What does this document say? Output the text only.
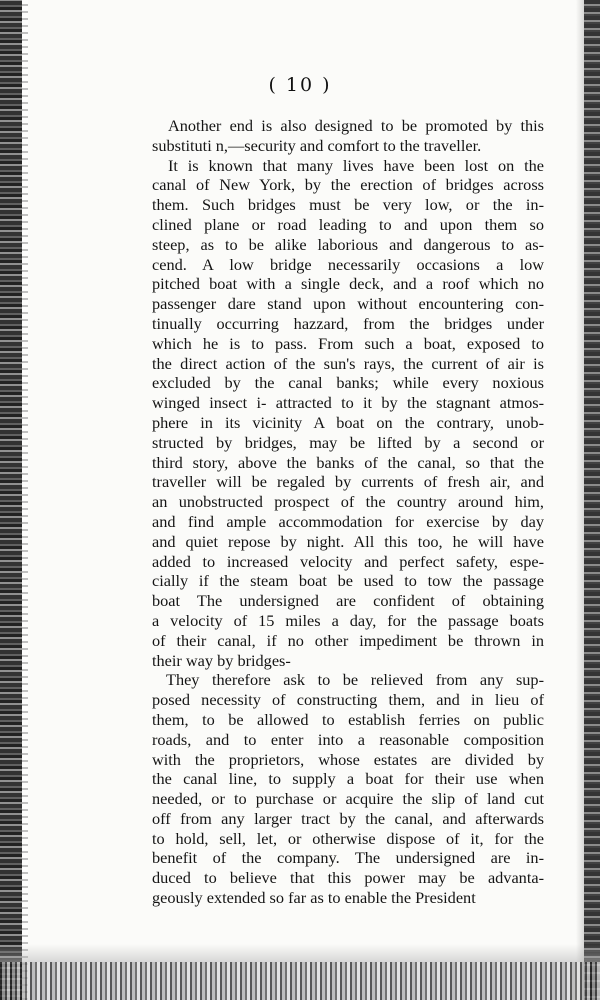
( 10 )
Another end is also designed to be promoted by this
substituti n,—security and comfort to the traveller.
It is known that many lives have been lost on the
canal of New York, by the erection of bridges across
them. Such bridges must be very low, or the in-
clined plane or road leading to and upon them so
steep, as to be alike laborious and dangerous to as-
cend. A low bridge necessarily occasions a low
pitched boat with a single deck, and a roof which no
passenger dare stand upon without encountering con-
tinually occurring hazzard, from the bridges under
which he is to pass. From such a boat, exposed to
the direct action of the sun's rays, the current of air is
excluded by the canal banks; while every noxious
winged insect i- attracted to it by the stagnant atmos-
phere in its vicinity A boat on the contrary, unob-
structed by bridges, may be lifted by a second or
third story, above the banks of the canal, so that the
traveller will be regaled by currents of fresh air, and
an unobstructed prospect of the country around him,
and find ample accommodation for exercise by day
and quiet repose by night. All this too, he will have
added to increased velocity and perfect safety, espe-
cially if the steam boat be used to tow the passage
boat The undersigned are confident of obtaining
a velocity of 15 miles a day, for the passage boats
of their canal, if no other impediment be thrown in
their way by bridges-
They therefore ask to be relieved from any sup-
posed necessity of constructing them, and in lieu of
them, to be allowed to establish ferries on public
roads, and to enter into a reasonable composition
with the proprietors, whose estates are divided by
the canal line, to supply a boat for their use when
needed, or to purchase or acquire the slip of land cut
off from any larger tract by the canal, and afterwards
to hold, sell, let, or otherwise dispose of it, for the
benefit of the company. The undersigned are in-
duced to believe that this power may be advanta-
geously extended so far as to enable the President
